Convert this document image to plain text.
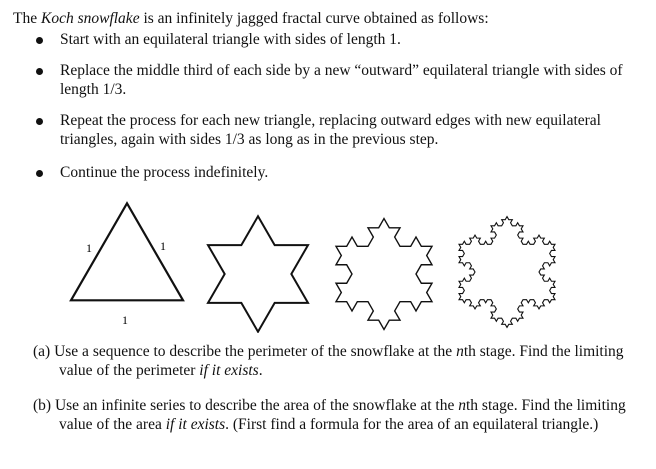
The Koch snowflake is an infinitely jagged fractal curve obtained as follows:

Start with an equilateral triangle with sides of length 1.
Replace the middle third of each side by a new “outward” equilateral triangle with sides of length 1/3.
Repeat the process for each new triangle, replacing outward edges with new equilateral triangles, again with sides 1/3 as long as in the previous step.
Continue the process indefinitely.
1	1
1

(a) Use a sequence to describe the perimeter of the snowflake at the nth stage. Find the limiting value of the perimeter if it exists.

(b) Use an infinite series to describe the area of the snowflake at the nth stage. Find the limiting value of the area if it exists. (First find a formula for the area of an equilateral triangle.)
